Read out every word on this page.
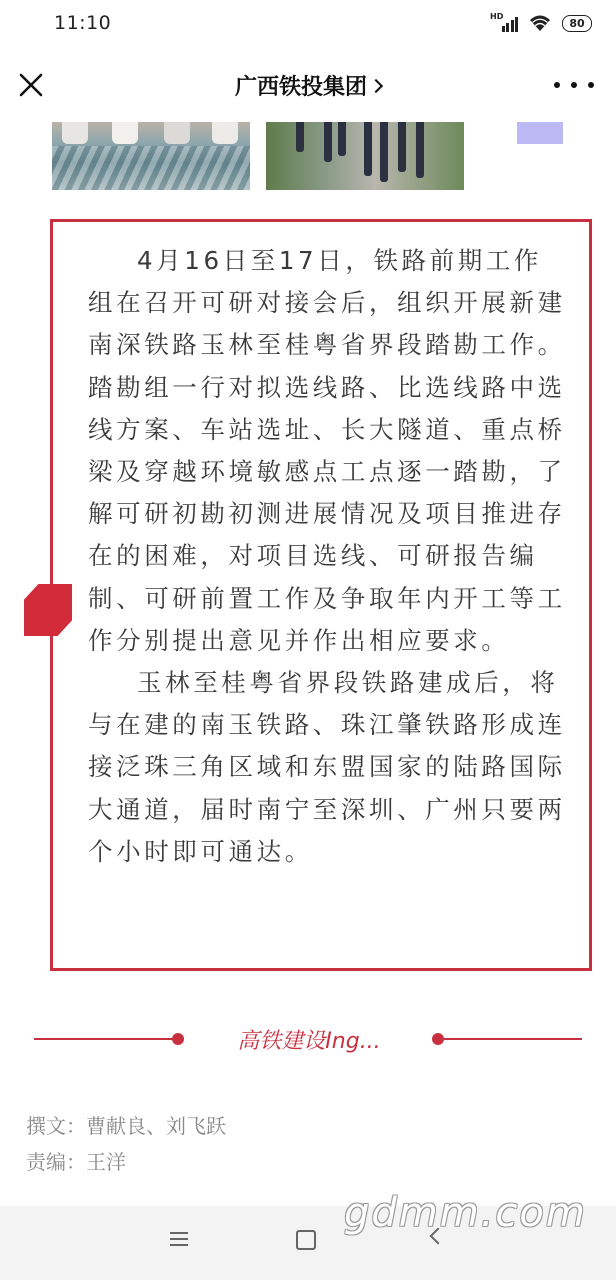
11:10	HD	80
广西铁投集团

4月16日至17日，铁路前期工作组在召开可研对接会后，组织开展新建南深铁路玉林至桂粤省界段踏勘工作。踏勘组一行对拟选线路、比选线路中选线方案、车站选址、长大隧道、重点桥梁及穿越环境敏感点工点逐一踏勘，了解可研初勘初测进展情况及项目推进存在的困难，对项目选线、可研报告编制、可研前置工作及争取年内开工等工作分别提出意见并作出相应要求。

玉林至桂粤省界段铁路建成后，将与在建的南玉铁路、珠江肇铁路形成连接泛珠三角区域和东盟国家的陆路国际大通道，届时南宁至深圳、广州只要两个小时即可通达。

高铁建设Ing...
撰文： 曹献良、刘飞跃
责编： 王洋
gdmm.com
